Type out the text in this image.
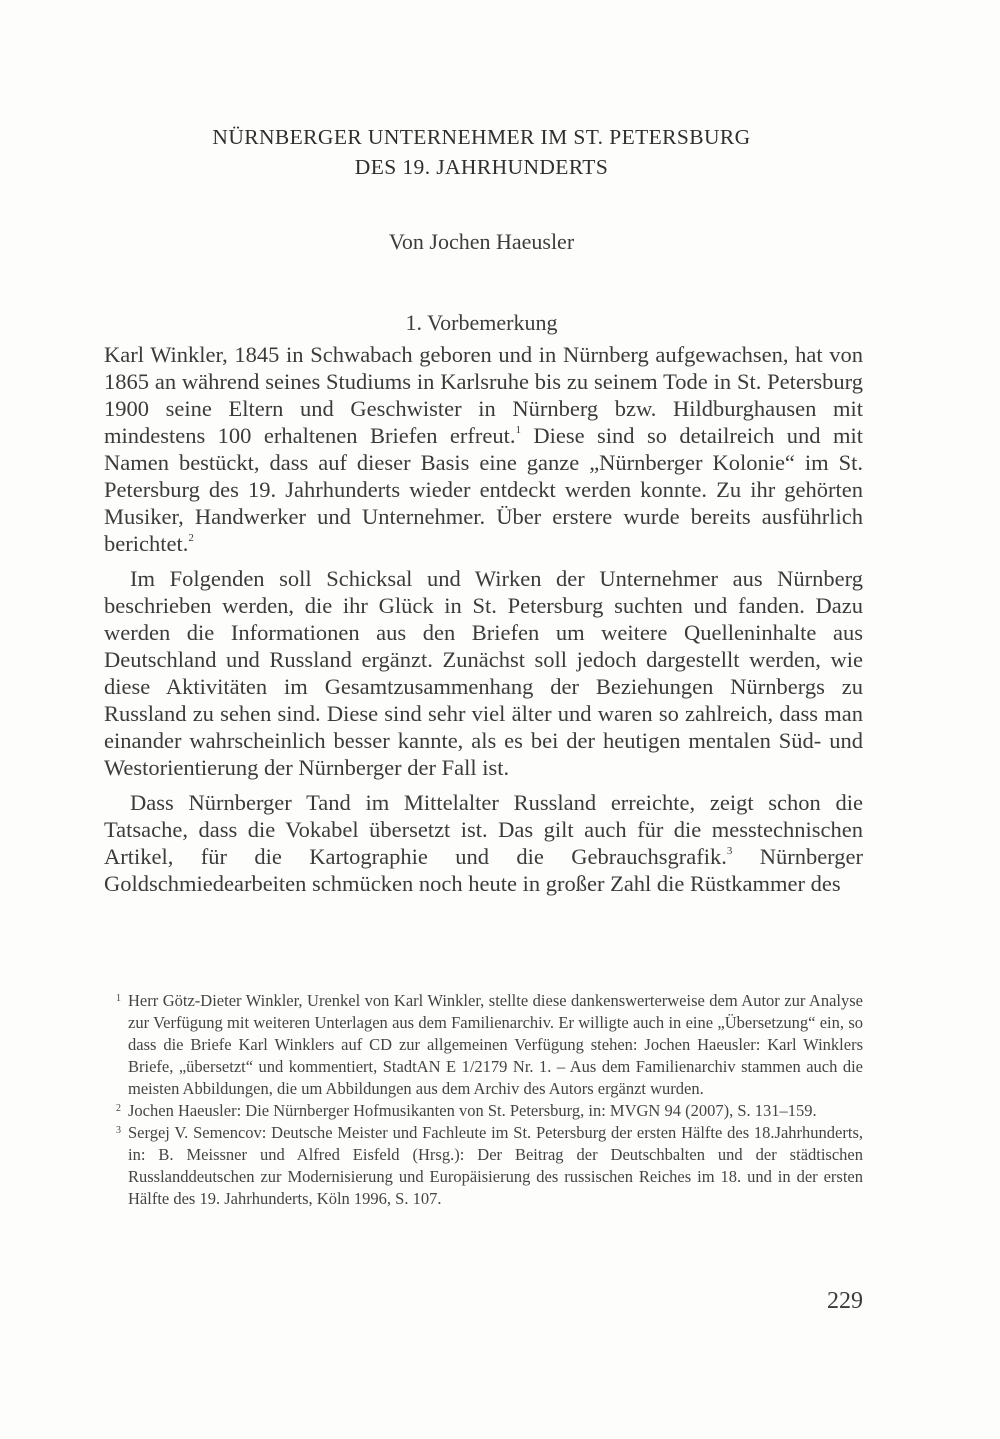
NÜRNBERGER UNTERNEHMER IM ST. PETERSBURG
DES 19. JAHRHUNDERTS
Von Jochen Haeusler
1. Vorbemerkung

Karl Winkler, 1845 in Schwabach geboren und in Nürnberg aufgewachsen, hat von 1865 an während seines Studiums in Karlsruhe bis zu seinem Tode in St. Petersburg 1900 seine Eltern und Geschwister in Nürnberg bzw. Hildburghausen mit mindestens 100 erhaltenen Briefen erfreut.$^1$ Diese sind so detailreich und mit Namen bestückt, dass auf dieser Basis eine ganze „Nürnberger Kolonie“ im St. Petersburg des 19. Jahrhunderts wieder entdeckt werden konnte. Zu ihr gehörten Musiker, Handwerker und Unternehmer. Über erstere wurde bereits ausführlich berichtet.$^2$

Im Folgenden soll Schicksal und Wirken der Unternehmer aus Nürnberg beschrieben werden, die ihr Glück in St. Petersburg suchten und fanden. Dazu werden die Informationen aus den Briefen um weitere Quelleninhalte aus Deutschland und Russland ergänzt. Zunächst soll jedoch dargestellt werden, wie diese Aktivitäten im Gesamtzusammenhang der Beziehungen Nürnbergs zu Russland zu sehen sind. Diese sind sehr viel älter und waren so zahlreich, dass man einander wahrscheinlich besser kannte, als es bei der heutigen mentalen Süd- und Westorientierung der Nürnberger der Fall ist.

Dass Nürnberger Tand im Mittelalter Russland erreichte, zeigt schon die Tatsache, dass die Vokabel übersetzt ist. Das gilt auch für die messtechnischen Artikel, für die Kartographie und die Gebrauchsgrafik.$^3$ Nürnberger Goldschmiedearbeiten schmücken noch heute in großer Zahl die Rüstkammer des

1 Herr Götz-Dieter Winkler, Urenkel von Karl Winkler, stellte diese dankenswerterweise dem Autor zur Analyse zur Verfügung mit weiteren Unterlagen aus dem Familienarchiv. Er willigte auch in eine „Übersetzung“ ein, so dass die Briefe Karl Winklers auf CD zur allgemeinen Verfügung stehen: Jochen Haeusler: Karl Winklers Briefe, „übersetzt“ und kommentiert, StadtAN E 1/2179 Nr. 1. – Aus dem Familienarchiv stammen auch die meisten Abbildungen, die um Abbildungen aus dem Archiv des Autors ergänzt wurden.
2 Jochen Haeusler: Die Nürnberger Hofmusikanten von St. Petersburg, in: MVGN 94 (2007), S. 131–159.
3 Sergej V. Semencov: Deutsche Meister und Fachleute im St. Petersburg der ersten Hälfte des 18.Jahrhunderts, in: B. Meissner und Alfred Eisfeld (Hrsg.): Der Beitrag der Deutschbalten und der städtischen Russlanddeutschen zur Modernisierung und Europäisierung des russischen Reiches im 18. und in der ersten Hälfte des 19. Jahrhunderts, Köln 1996, S. 107.
229
